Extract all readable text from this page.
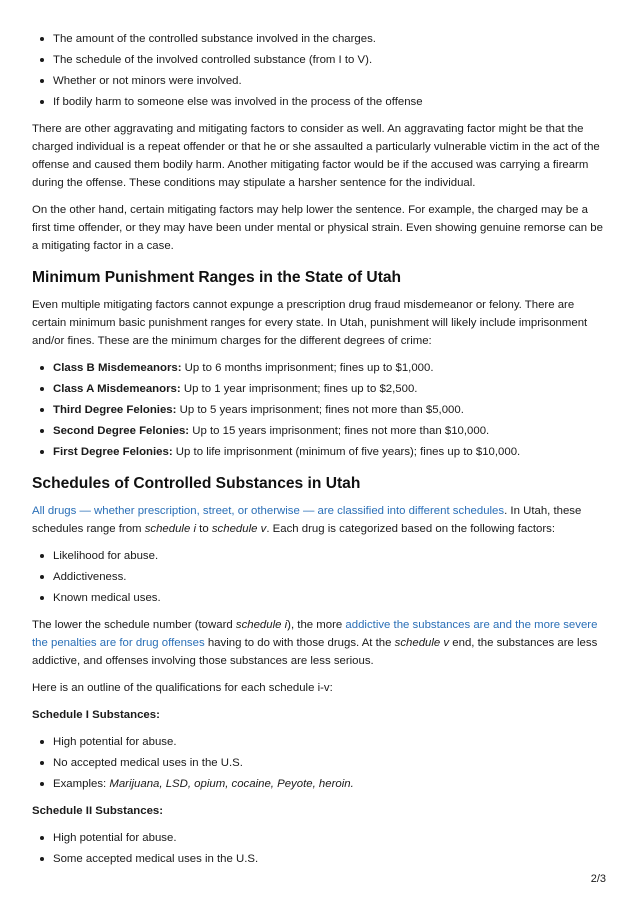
The amount of the controlled substance involved in the charges.
The schedule of the involved controlled substance (from I to V).
Whether or not minors were involved.
If bodily harm to someone else was involved in the process of the offense

There are other aggravating and mitigating factors to consider as well. An aggravating factor might be that the charged individual is a repeat offender or that he or she assaulted a particularly vulnerable victim in the act of the offense and caused them bodily harm. Another mitigating factor would be if the accused was carrying a firearm during the offense. These conditions may stipulate a harsher sentence for the individual.

On the other hand, certain mitigating factors may help lower the sentence. For example, the charged may be a first time offender, or they may have been under mental or physical strain. Even showing genuine remorse can be a mitigating factor in a case.

Minimum Punishment Ranges in the State of Utah

Even multiple mitigating factors cannot expunge a prescription drug fraud misdemeanor or felony. There are certain minimum basic punishment ranges for every state. In Utah, punishment will likely include imprisonment and/or fines. These are the minimum charges for the different degrees of crime:

Class B Misdemeanors: Up to 6 months imprisonment; fines up to $1,000.
Class A Misdemeanors: Up to 1 year imprisonment; fines up to $2,500.
Third Degree Felonies: Up to 5 years imprisonment; fines not more than $5,000.
Second Degree Felonies: Up to 15 years imprisonment; fines not more than $10,000.
First Degree Felonies: Up to life imprisonment (minimum of five years); fines up to $10,000.
Schedules of Controlled Substances in Utah

All drugs — whether prescription, street, or otherwise — are classified into different schedules. In Utah, these schedules range from schedule i to schedule v. Each drug is categorized based on the following factors:

Likelihood for abuse.
Addictiveness.
Known medical uses.

The lower the schedule number (toward schedule i), the more addictive the substances are and the more severe the penalties are for drug offenses having to do with those drugs. At the schedule v end, the substances are less addictive, and offenses involving those substances are less serious.

Here is an outline of the qualifications for each schedule i-v:

Schedule I Substances:

High potential for abuse.
No accepted medical uses in the U.S.
Examples: Marijuana, LSD, opium, cocaine, Peyote, heroin.

Schedule II Substances:

High potential for abuse.
Some accepted medical uses in the U.S.
2/3
